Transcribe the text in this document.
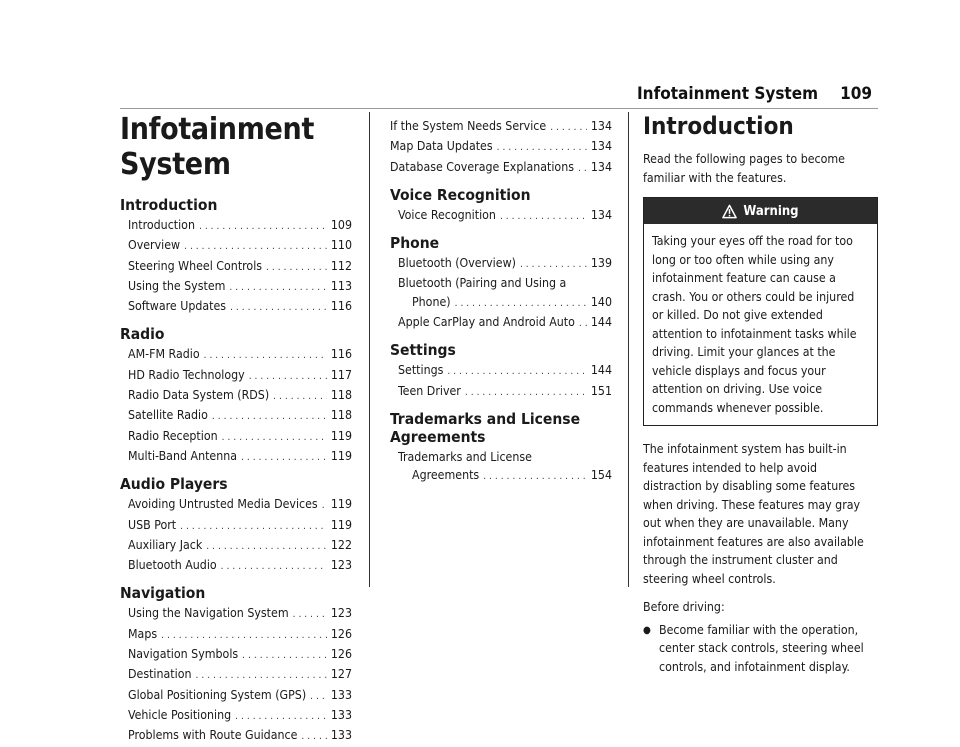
Infotainment System 109
Infotainment System
Introduction
Introduction .....	109
Overview .....	110
Steering Wheel Controls .....	112
Using the System .....	113
Software Updates .....	116
Radio
AM-FM Radio .....	116
HD Radio Technology .....	117
Radio Data System (RDS) .....	118
Satellite Radio .....	118
Radio Reception .....	119
Multi-Band Antenna .....	119
Audio Players
Avoiding Untrusted Media Devices ..... 119
USB Port .....	119
Auxiliary Jack .....	122
Bluetooth Audio .....	123
Navigation
Using the Navigation System .....	123
Maps .....	126
Navigation Symbols .....	126
Destination .....	127
Global Positioning System (GPS) ..... 133
Vehicle Positioning .....	133
Problems with Route Guidance .....	133
If the System Needs Service .....	134
Map Data Updates .....	134
Database Coverage Explanations ..... 134
Voice Recognition
Voice Recognition .....	134
Phone
Bluetooth (Overview) .....	139
Bluetooth (Pairing and Using a
Phone) .....	140
Apple CarPlay and Android Auto ..... 144
Settings
Settings .....	144
Teen Driver .....	151
Trademarks and License Agreements
Trademarks and License
Agreements .....	154
Introduction
Read the following pages to become familiar with the features.
Warning
Taking your eyes off the road for too long or too often while using any infotainment feature can cause a crash. You or others could be injured or killed. Do not give extended attention to infotainment tasks while driving. Limit your glances at the vehicle displays and focus your attention on driving. Use voice commands whenever possible.
The infotainment system has built-in features intended to help avoid distraction by disabling some features when driving. These features may gray out when they are unavailable. Many infotainment features are also available through the instrument cluster and steering wheel controls.
Before driving:
● Become familiar with the operation, center stack controls, steering wheel controls, and infotainment display.
